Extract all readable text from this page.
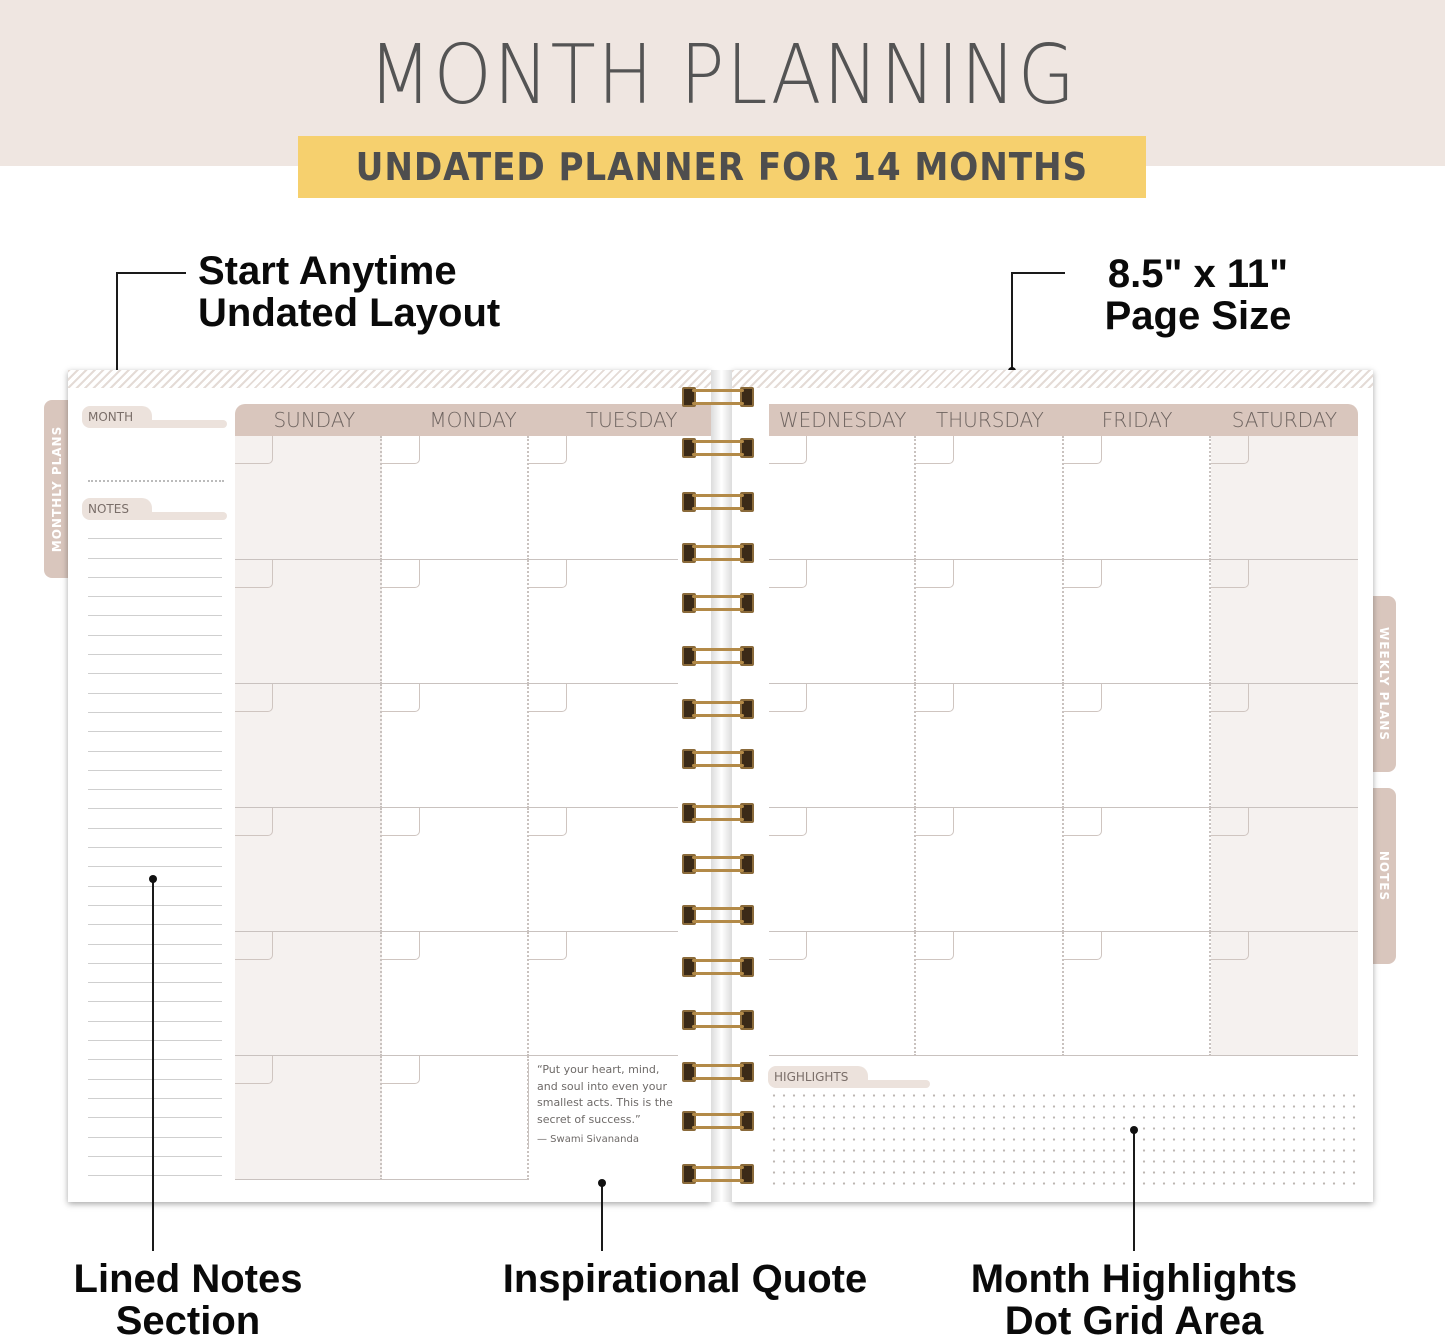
MONTH PLANNING
UNDATED PLANNER FOR 14 MONTHS
Start Anytime
Undated Layout
8.5" x 11"
Page Size
MONTHLY PLANS
WEEKLY PLANS
NOTES
MONTH
NOTES
SUNDAY	MONDAY	TUESDAY
“Put your heart, mind, and soul into even your smallest acts. This is the secret of success.”
— Swami Sivananda
WEDNESDAY	THURSDAY	FRIDAY	SATURDAY
HIGHLIGHTS
Lined Notes
Section
Inspirational Quote	Month Highlights
Dot Grid Area
